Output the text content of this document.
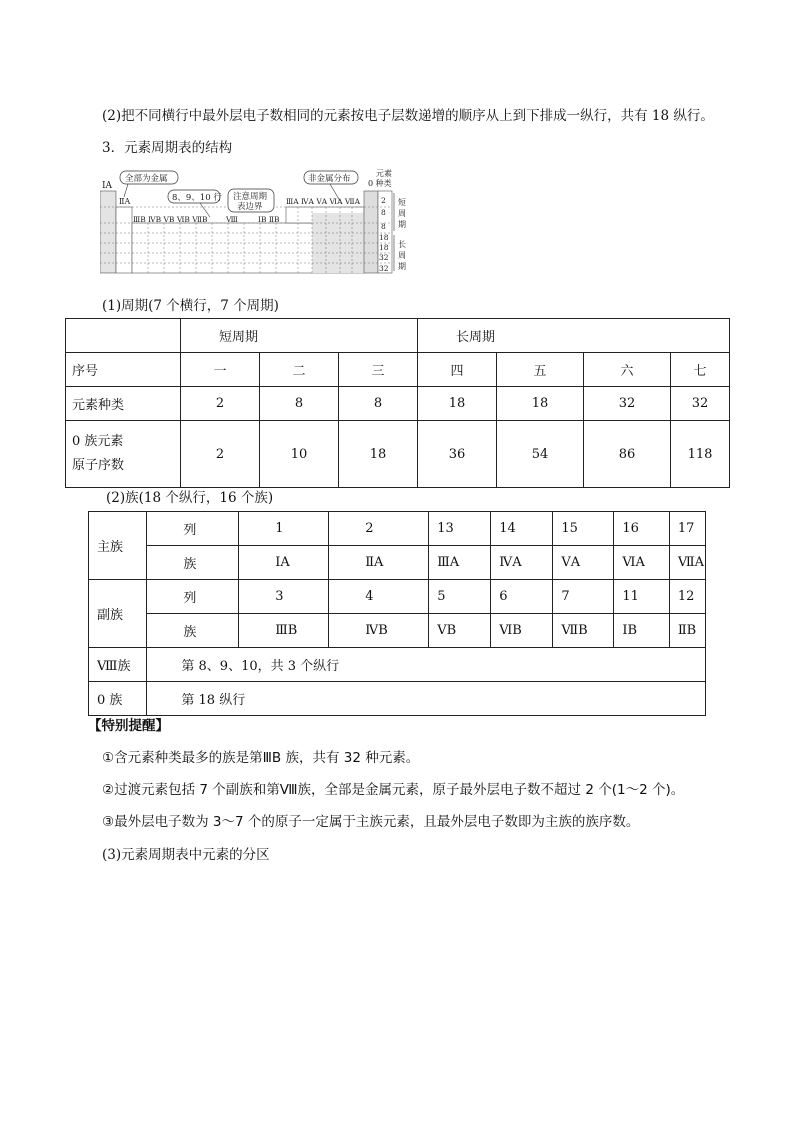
(2)把不同横行中最外层电子数相同的元素按电子层数递增的顺序从上到下排成一纵行，共有 18 纵行。
3．元素周期表的结构
ⅠA
ⅡA
全部为金属
8、9、10 行 注意周期
表边界
非金属分布
元素
0 种类
ⅢB ⅣB ⅤB ⅥB ⅦB Ⅷ	ⅠB ⅡB
ⅢA ⅣA ⅤA ⅥA ⅦA	2
8
8
18
18
32
32
短
周
期
长
周
期
(1)周期(7 个横行，7 个周期)
	短周期			长周期			
序号	一	二	三	四	五	六	七
元素种类	2	8	8	18	18	32	32

0 族元素
原子序数	2	10	18	36	54	86	118
(2)族(18 个纵行，16 个族)
主族	列	1	2	13	14	15	16	17
	族	ⅠA	ⅡA	ⅢA	ⅣA	ⅤA	ⅥA	ⅦA
副族	列	3	4	5	6	7	11	12
	族	ⅢB	ⅣB	ⅤB	ⅥB	ⅦB	ⅠB	ⅡB
Ⅷ族	第 8、9、10，共 3 个纵行							
0 族	第 18 纵行							
【特别提醒】
①含元素种类最多的族是第ⅢB 族，共有 32 种元素。
②过渡元素包括 7 个副族和第Ⅷ族，全部是金属元素，原子最外层电子数不超过 2 个(1～2 个)。
③最外层电子数为 3～7 个的原子一定属于主族元素，且最外层电子数即为主族的族序数。
(3)元素周期表中元素的分区
